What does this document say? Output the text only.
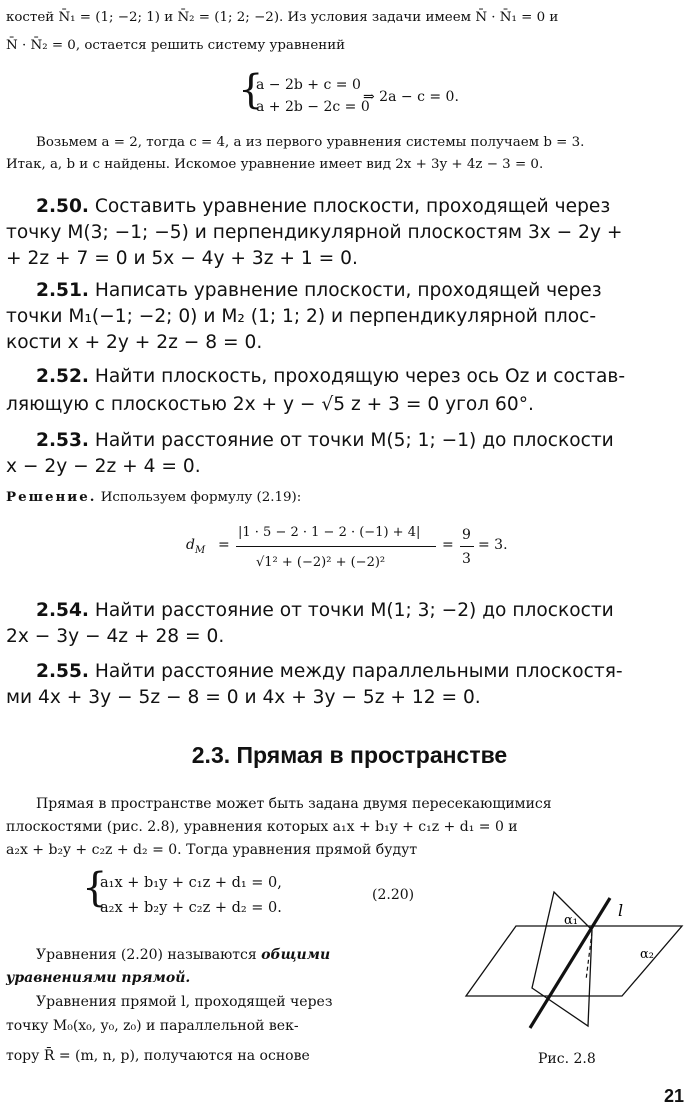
костей N̄₁ = (1; −2; 1) и N̄₂ = (1; 2; −2). Из условия задачи имеем N̄ · N̄₁ = 0 и
N̄ · N̄₂ = 0, остается решить систему уравнений
{
a − 2b + c = 0
a + 2b − 2c = 0
⇒ 2a − c = 0.
Возьмем a = 2, тогда c = 4, а из первого уравнения системы получаем b = 3.
Итак, a, b и c найдены. Искомое уравнение имеет вид 2x + 3y + 4z − 3 = 0.
2.50. Составить уравнение плоскости, проходящей через
точку M(3; −1; −5) и перпендикулярной плоскостям 3x − 2y +
+ 2z + 7 = 0 и 5x − 4y + 3z + 1 = 0.
2.51. Написать уравнение плоскости, проходящей через
точки M₁(−1; −2; 0) и M₂ (1; 1; 2) и перпендикулярной плос-
кости x + 2y + 2z − 8 = 0.
2.52. Найти плоскость, проходящую через ось Oz и состав-
ляющую с плоскостью 2x + y − √5 z + 3 = 0 угол 60°.
2.53. Найти расстояние от точки M(5; 1; −1) до плоскости
x − 2y − 2z + 4 = 0.
Решение. Используем формулу (2.19):
$d_M$ =
|1 · 5 − 2 · 1 − 2 · (−1) + 4|
√1² + (−2)² + (−2)²
=
9
3
= 3.
2.54. Найти расстояние от точки M(1; 3; −2) до плоскости
2x − 3y − 4z + 28 = 0.
2.55. Найти расстояние между параллельными плоскостя-
ми 4x + 3y − 5z − 8 = 0 и 4x + 3y − 5z + 12 = 0.
2.3. Прямая в пространстве
Прямая в пространстве может быть задана двумя пересекающимися
плоскостями (рис. 2.8), уравнения которых a₁x + b₁y + c₁z + d₁ = 0 и
a₂x + b₂y + c₂z + d₂ = 0. Тогда уравнения прямой будут
{
a₁x + b₁y + c₁z + d₁ = 0,
a₂x + b₂y + c₂z + d₂ = 0.
(2.20)
Уравнения (2.20) называются общими
уравнениями прямой.
Уравнения прямой l, проходящей через
точку M₀(x₀, y₀, z₀) и параллельной век-
тору R̄ = (m, n, p), получаются на основе
α₁
α₂
l
Рис. 2.8
21
